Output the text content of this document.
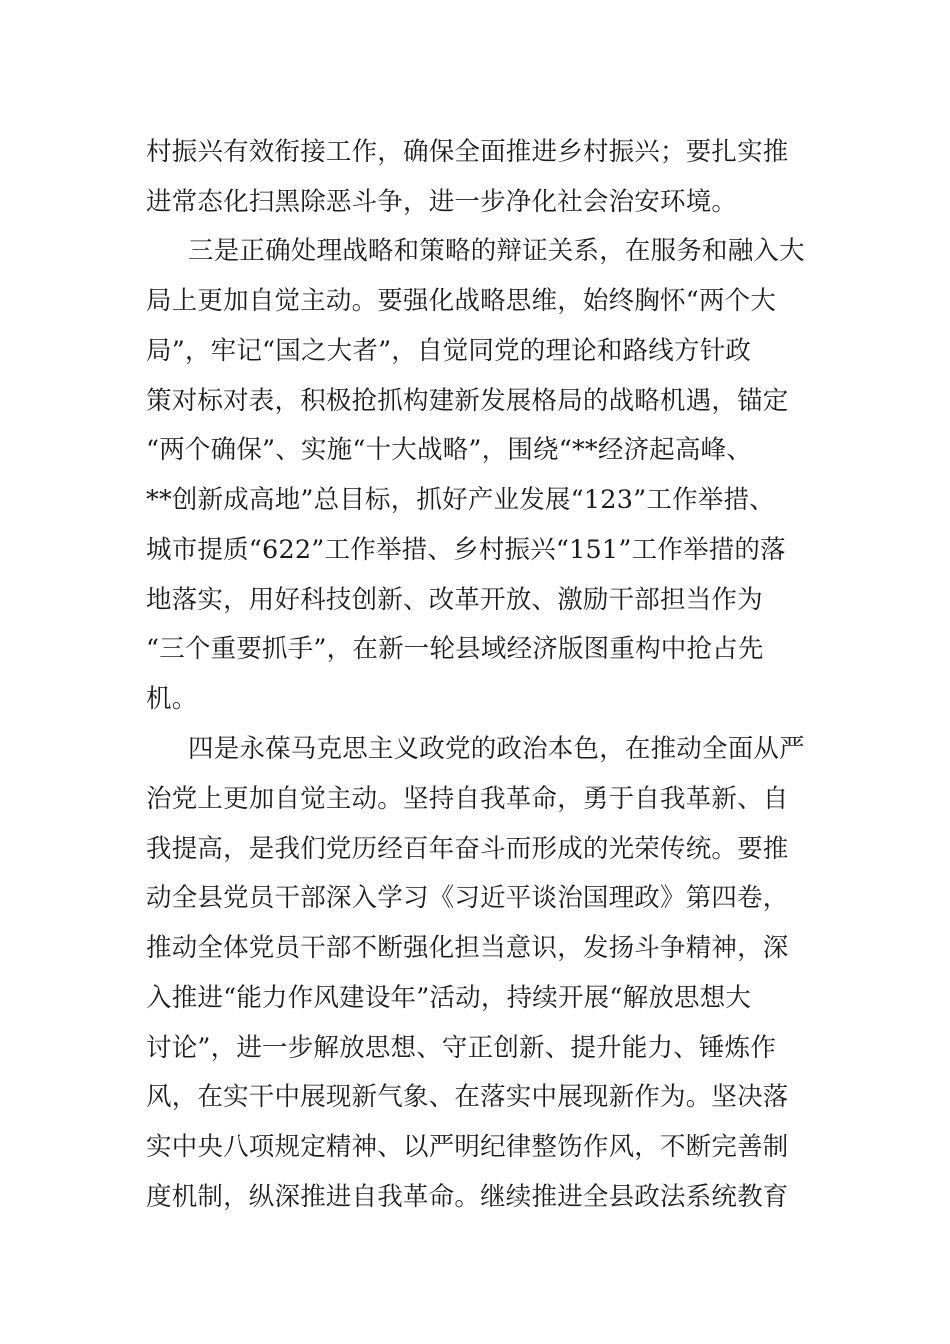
村振兴有效衔接工作，确保全面推进乡村振兴；要扎实推
进常态化扫黑除恶斗争，进一步净化社会治安环境。
三是正确处理战略和策略的辩证关系，在服务和融入大
局上更加自觉主动。要强化战略思维，始终胸怀“两个大
局”，牢记“国之大者”，自觉同党的理论和路线方针政
策对标对表，积极抢抓构建新发展格局的战略机遇，锚定
“两个确保”、实施“十大战略”，围绕“**经济起高峰、
**创新成高地”总目标，抓好产业发展“123”工作举措、
城市提质“622”工作举措、乡村振兴“151”工作举措的落
地落实，用好科技创新、改革开放、激励干部担当作为
“三个重要抓手”，在新一轮县域经济版图重构中抢占先
机。
四是永葆马克思主义政党的政治本色，在推动全面从严
治党上更加自觉主动。坚持自我革命，勇于自我革新、自
我提高，是我们党历经百年奋斗而形成的光荣传统。要推
动全县党员干部深入学习《习近平谈治国理政》第四卷，
推动全体党员干部不断强化担当意识，发扬斗争精神，深
入推进“能力作风建设年”活动，持续开展“解放思想大
讨论”，进一步解放思想、守正创新、提升能力、锤炼作
风，在实干中展现新气象、在落实中展现新作为。坚决落
实中央八项规定精神、以严明纪律整饬作风，不断完善制
度机制，纵深推进自我革命。继续推进全县政法系统教育
